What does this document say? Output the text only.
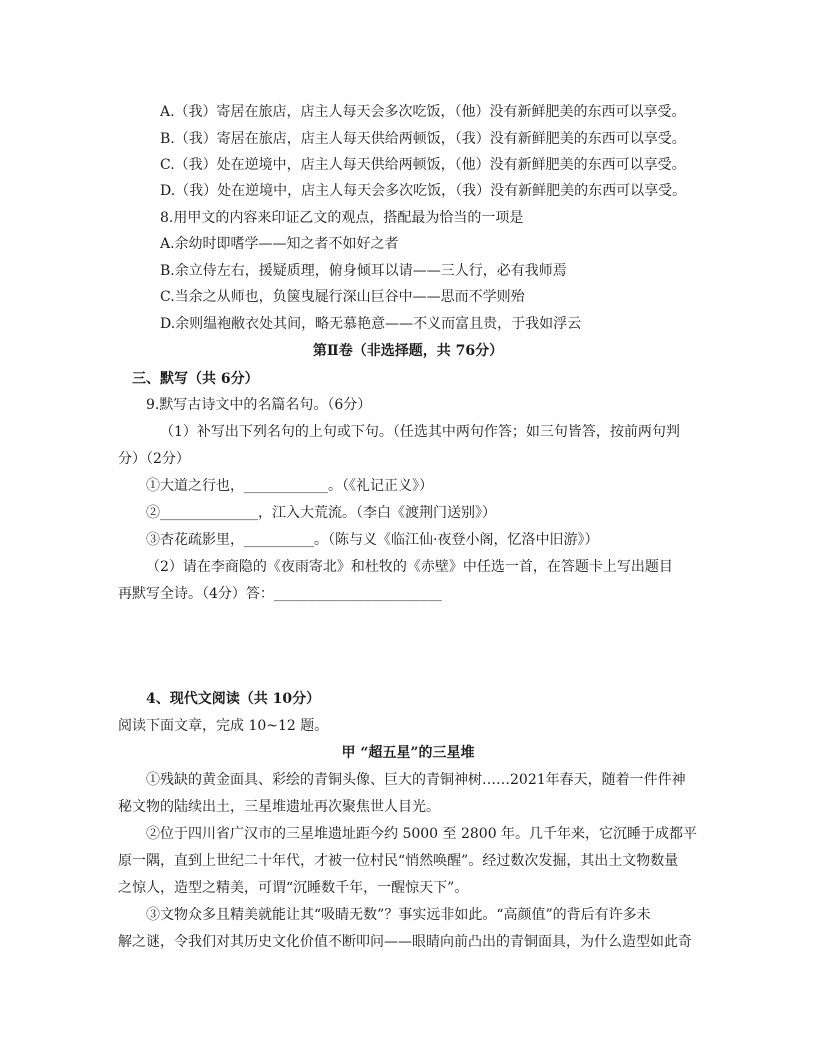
A.（我）寄居在旅店，店主人每天会多次吃饭，（他）没有新鲜肥美的东西可以享受。
B.（我）寄居在旅店，店主人每天供给两顿饭，（我）没有新鲜肥美的东西可以享受。
C.（我）处在逆境中，店主人每天供给两顿饭，（他）没有新鲜肥美的东西可以享受。
D.（我）处在逆境中，店主人每天会多次吃饭，（我）没有新鲜肥美的东西可以享受。
8.用甲文的内容来印证乙文的观点，搭配最为恰当的一项是
A.余幼时即嗜学——知之者不如好之者
B.余立侍左右，援疑质理，俯身倾耳以请——三人行，必有我师焉
C.当余之从师也，负箧曳屣行深山巨谷中——思而不学则殆
D.余则缊袍敝衣处其间，略无慕艳意——不义而富且贵，于我如浮云
第Ⅱ卷（非选择题，共 76分）
三、默写（共 6分）
9.默写古诗文中的名篇名句。（6分）
（1）补写出下列名句的上句或下句。（任选其中两句作答；如三句皆答，按前两句判
分）（2分）
①大道之行也，____________。（《礼记正义》）
②______________，江入大荒流。（李白《渡荆门送别》）
③杏花疏影里，__________。（陈与义《临江仙·夜登小阁，忆洛中旧游》）
（2）请在李商隐的《夜雨寄北》和杜牧的《赤壁》中任选一首，在答题卡上写出题目
再默写全诗。（4分）答：________________________
4、现代文阅读（共 10分）
阅读下面文章，完成 10~12 题。
甲 “超五星”的三星堆
①残缺的黄金面具、彩绘的青铜头像、巨大的青铜神树……2021年春天，随着一件件神
秘文物的陆续出土，三星堆遗址再次聚焦世人目光。
②位于四川省广汉市的三星堆遗址距今约 5000 至 2800 年。几千年来，它沉睡于成都平
原一隅，直到上世纪二十年代，才被一位村民“悄然唤醒”。经过数次发掘，其出土文物数量
之惊人，造型之精美，可谓“沉睡数千年，一醒惊天下”。
③文物众多且精美就能让其“吸睛无数”？事实远非如此。“高颜值”的背后有许多未
解之谜，令我们对其历史文化价值不断叩问——眼睛向前凸出的青铜面具，为什么造型如此奇
